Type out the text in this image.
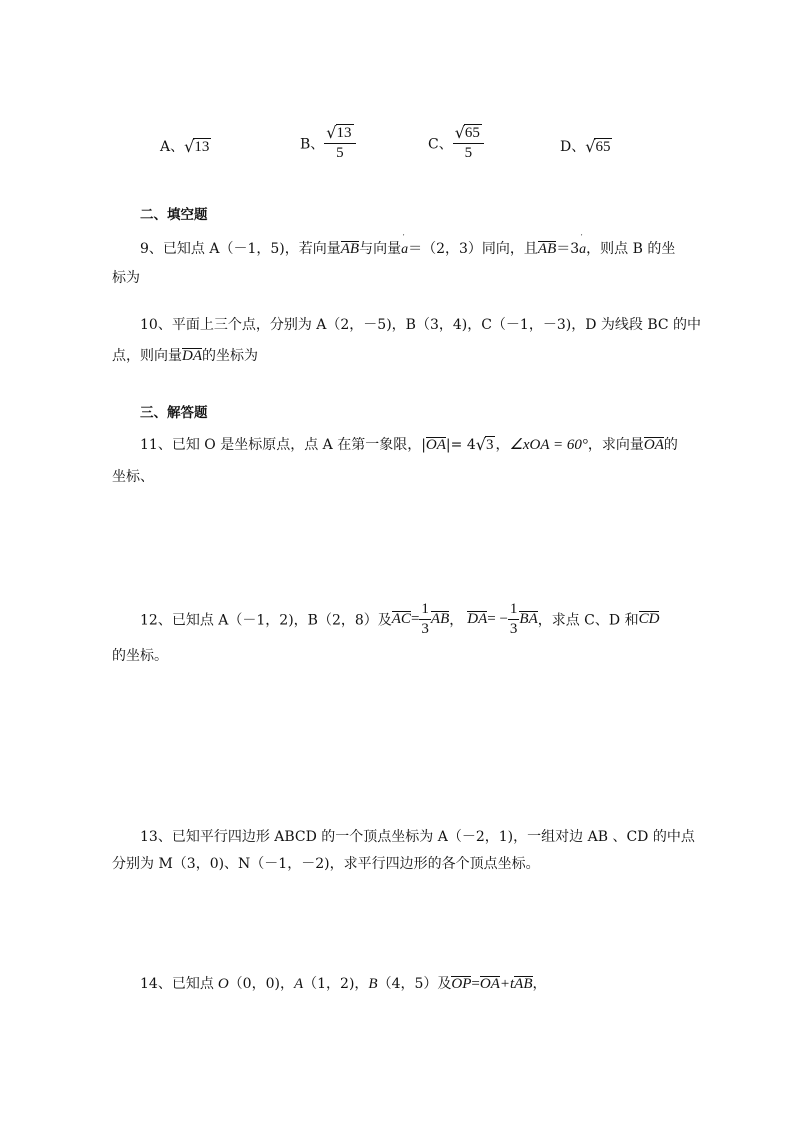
A、 √ 13	B、 $\frac{√ 13}{5}$	C、 $\frac{√ 65}{5}$	D、 √ 65
二、填空题
9、已知点 A（－1，5)，若向量AB与向量
'
a＝（2，3）同向，且AB＝3
'
a，则点 B 的坐
标为
10、平面上三个点，分别为 A（2，－5)，B（3，4)，C（－1，－3)，D 为线段 BC 的中
点，则向量DA的坐标为
三、解答题
11、已知 O 是坐标原点，点 A 在第一象限，|OA|= 4 √ 3 ，∠xOA = 60°，求向量OA的
坐标、
12、已知点 A（－1，2)，B（2，8）及$AC= \frac{1}{3}$ AB， $DA= - \frac{1}{3}$ BA，求点 C、D 和CD
的坐标。
13、已知平行四边形 ABCD 的一个顶点坐标为 A（－2，1)，一组对边 AB 、CD 的中点
分别为 M（3，0)、N（－1，－2)，求平行四边形的各个顶点坐标。
14、已知点 O（0，0)，A（1，2)，B（4，5）及OP=OA+tAB，
